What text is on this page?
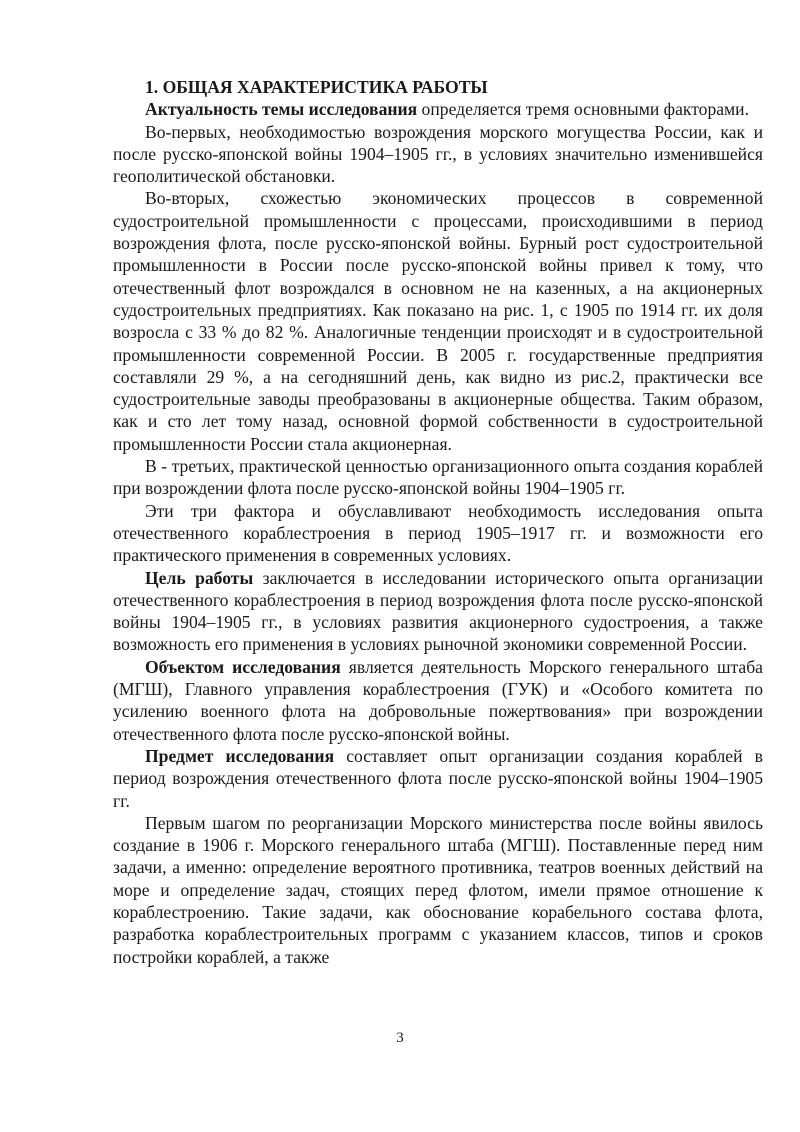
1. ОБЩАЯ ХАРАКТЕРИСТИКА РАБОТЫ

Актуальность темы исследования определяется тремя основными факторами.

Во-первых, необходимостью возрождения морского могущества России, как и после русско-японской войны 1904–1905 гг., в условиях значительно изменившейся геополитической обстановки.

Во-вторых, схожестью экономических процессов в современной судостроительной промышленности с процессами, происходившими в период возрождения флота, после русско-японской войны. Бурный рост судостроительной промышленности в России после русско-японской войны привел к тому, что отечественный флот возрождался в основном не на казенных, а на акционерных судостроительных предприятиях. Как показано на рис. 1, с 1905 по 1914 гг. их доля возросла с 33 % до 82 %. Аналогичные тенденции происходят и в судостроительной промышленности современной России. В 2005 г. государственные предприятия составляли 29 %, а на сегодняшний день, как видно из рис.2, практически все судостроительные заводы преобразованы в акционерные общества. Таким образом, как и сто лет тому назад, основной формой собственности в судостроительной промышленности России стала акционерная.

В - третьих, практической ценностью организационного опыта создания кораблей при возрождении флота после русско-японской войны 1904–1905 гг.

Эти три фактора и обуславливают необходимость исследования опыта отечественного кораблестроения в период 1905–1917 гг. и возможности его практического применения в современных условиях.

Цель работы заключается в исследовании исторического опыта организации отечественного кораблестроения в период возрождения флота после русско-японской войны 1904–1905 гг., в условиях развития акционерного судостроения, а также возможность его применения в условиях рыночной экономики современной России.

Объектом исследования является деятельность Морского генерального штаба (МГШ), Главного управления кораблестроения (ГУК) и «Особого комитета по усилению военного флота на добровольные пожертвования» при возрождении отечественного флота после русско-японской войны.

Предмет исследования составляет опыт организации создания кораблей в период возрождения отечественного флота после русско-японской войны 1904–1905 гг.

Первым шагом по реорганизации Морского министерства после войны явилось создание в 1906 г. Морского генерального штаба (МГШ). Поставленные перед ним задачи, а именно: определение вероятного противника, театров военных действий на море и определение задач, стоящих перед флотом, имели прямое отношение к кораблестроению. Такие задачи, как обоснование корабельного состава флота, разработка кораблестроительных программ с указанием классов, типов и сроков постройки кораблей, а также

3
